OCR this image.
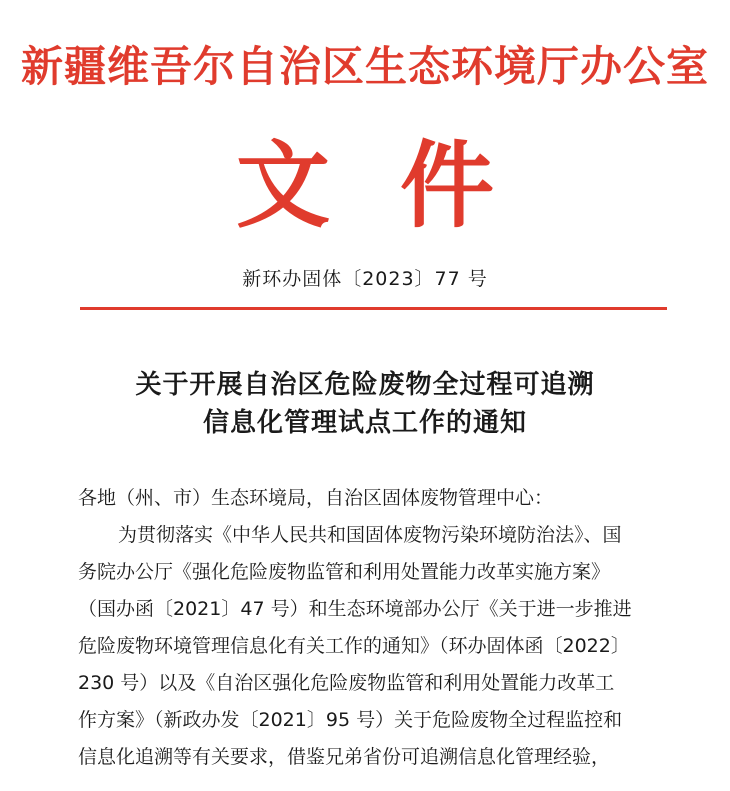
新疆维吾尔自治区生态环境厅办公室
文件
新环办固体〔2023〕77 号
关于开展自治区危险废物全过程可追溯
信息化管理试点工作的通知
各地（州、市）生态环境局，自治区固体废物管理中心：
为贯彻落实《中华人民共和国固体废物污染环境防治法》、国
务院办公厅《强化危险废物监管和利用处置能力改革实施方案》
（国办函〔2021〕47 号）和生态环境部办公厅《关于进一步推进
危险废物环境管理信息化有关工作的通知》（环办固体函〔2022〕
230 号）以及《自治区强化危险废物监管和利用处置能力改革工
作方案》（新政办发〔2021〕95 号）关于危险废物全过程监控和
信息化追溯等有关要求，借鉴兄弟省份可追溯信息化管理经验，
